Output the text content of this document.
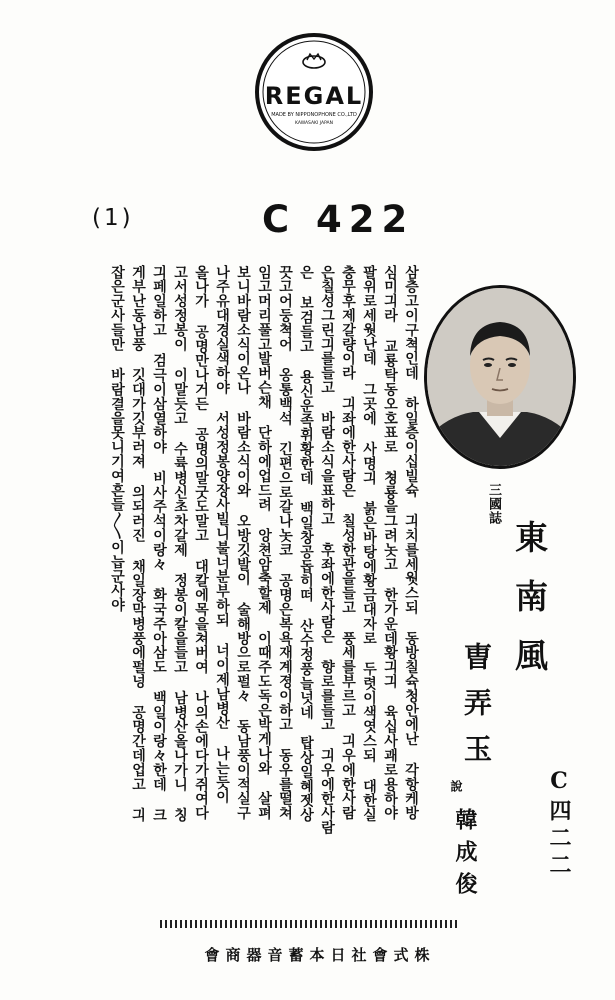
REGAL
MADE BY NIPPONOPHONE CO.,LTD
KAWASAKI JAPAN
(1)	C 422
三國誌
東南風
曺弄玉
說
韓成俊	C四二二

삼층고이구쳑인데 하일층이십빌슉 긔치를세웟스되 동방칠슉청안에난 각항케방

심미긔라 교룡탁동오호표로 쳥룡을그려놋고 한가운데황긔긔 육십사괘로용하야

팔위로세웟난데 그곳에 사명긔 붉은바탕에황금대자로 두렷이색엿스되 대한실

충무후제갈량이라 긔좌에한사람은 칠성한관을들고 풍세를부르고 긔우에한사람

은칠성그린긔를들고 바람소식을표하고 후좌에한사람은 향로를들고 긔우에한사람

은 보검들고 용신운족휘황한데 백일창공돕히떠 산수정풍늘넛네 탑상일혜젯상

끗고어둥쳑어 옹통백석 긴편으로갈나놋코 공명은복욕재계졍이하고 동우를떨쳐

임고머리풀고발버슨채 단하에업드려 앙쳔암축할제 이때주도독은박게나와 살펴

보니바람소식이온나 바람소식이와 오방깃발이 술해방으로펄々 동남풍이적실구

나주유대경실색하야 서성정봉양장사빌니불너분부하되 너이제남병산 나는듯이

올나가 공명만나거든 공명의말굿도말고 대칼에목을쳐버여 나의손에다가쥐여다

고서성정봉이 이말듯고 수륙병신초차갈제 정봉이칼을들고 남병산올나가니 칭

긔페일하고 검극이삼열하야 비사주석이랑々 화국주아삼도 백일이랑々한데 크

게부난동남풍 깃대가깃부러져 의되러진 채일장막병풍에펄넝 공명간데업고 긔

잡은군사들만 바람결을못니기여흔들〳〵이늡군사야

株式會社日本蓄音器商會
